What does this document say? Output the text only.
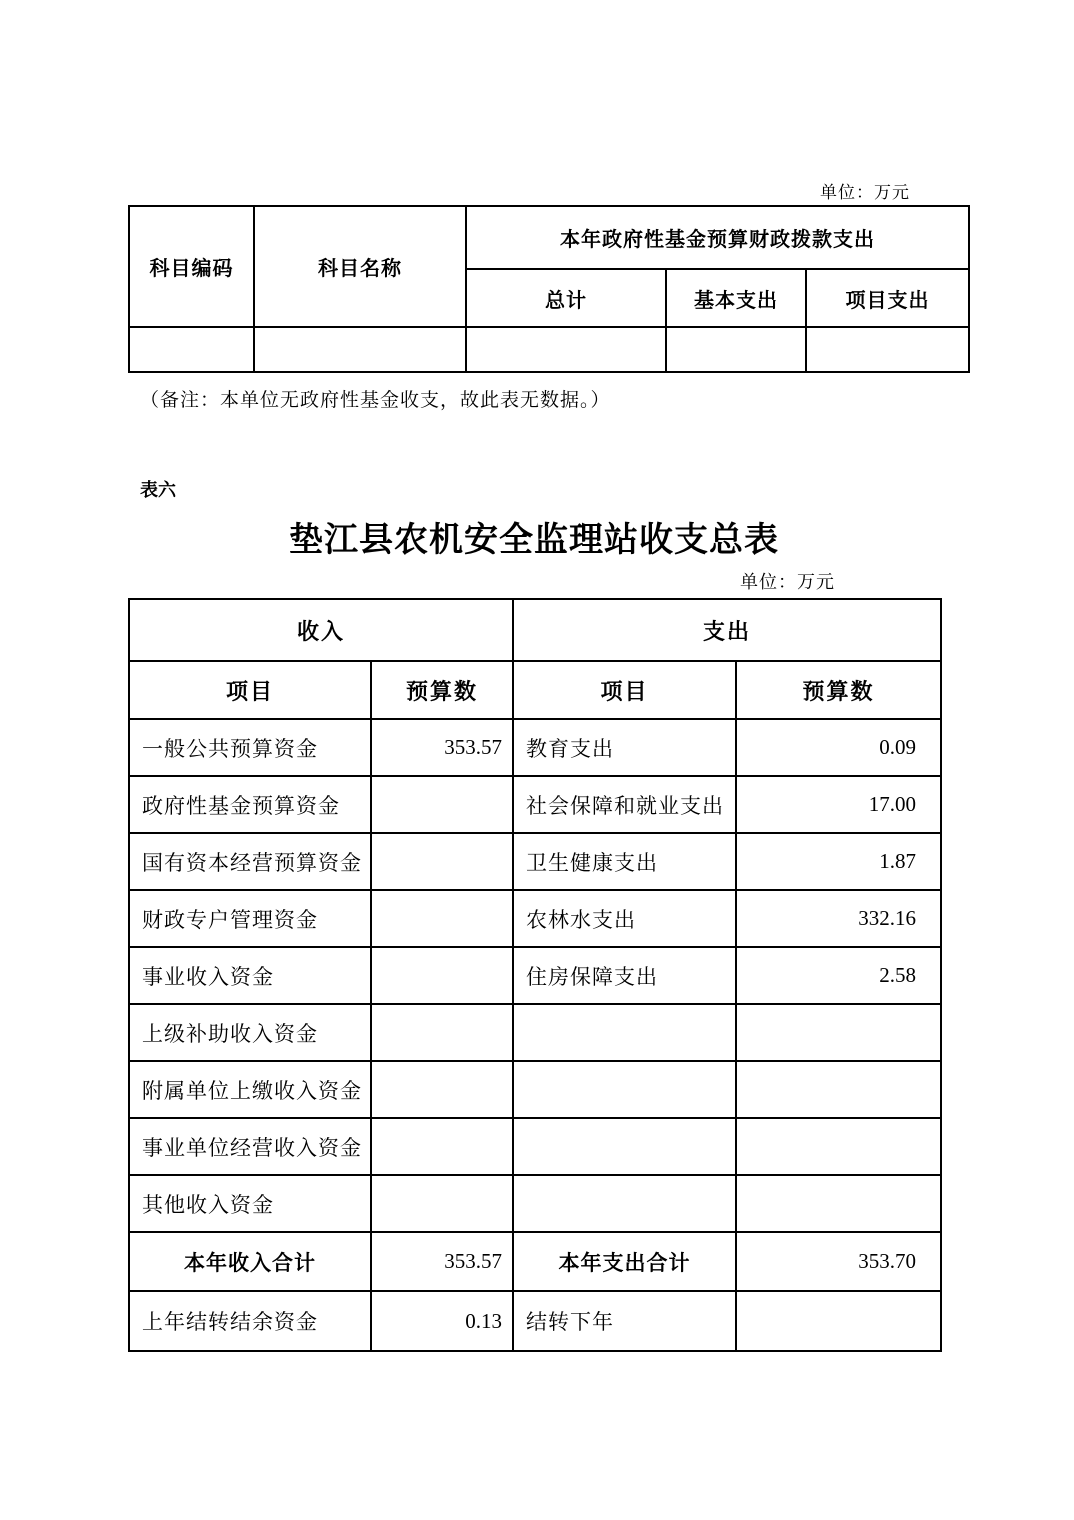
单位：万元
科目编码	科目名称	本年政府性基金预算财政拨款支出		
		总计	基本支出	项目支出

（备注：本单位无政府性基金收支，故此表无数据。）
表六
垫江县农机安全监理站收支总表
单位：万元
收入		支出	
项目	预算数	项目	预算数
一般公共预算资金	353.57	教育支出	0.09
政府性基金预算资金		社会保障和就业支出	17.00
国有资本经营预算资金		卫生健康支出	1.87
财政专户管理资金		农林水支出	332.16
事业收入资金		住房保障支出	2.58
上级补助收入资金			
附属单位上缴收入资金			
事业单位经营收入资金			
其他收入资金			
本年收入合计	353.57	本年支出合计	353.70
上年结转结余资金	0.13	结转下年	
